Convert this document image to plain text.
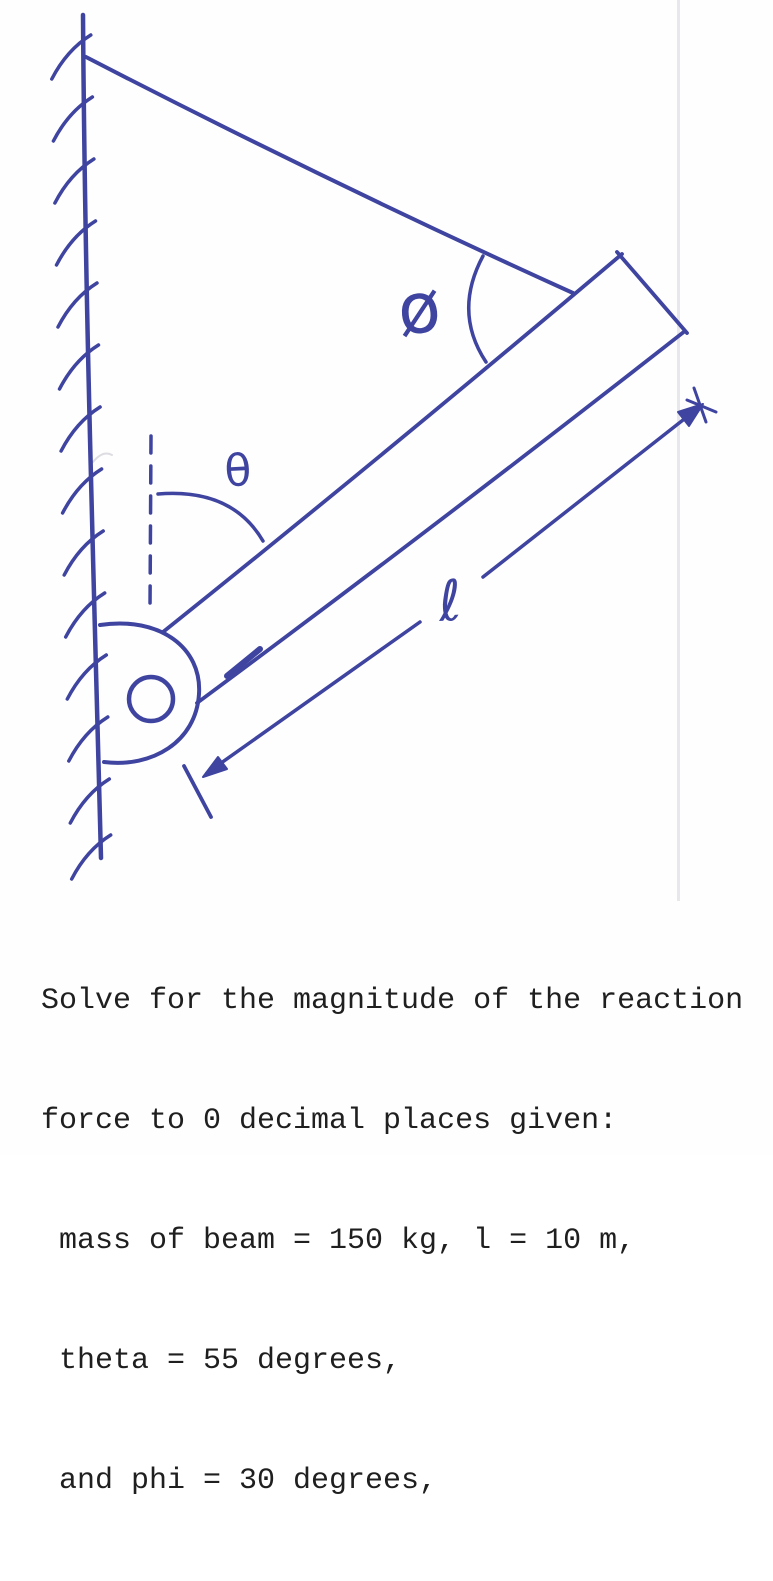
θ
ø
ℓ

Solve for the magnitude of the reaction

force to 0 decimal places given:

mass of beam = 150 kg, l = 10 m,

theta = 55 degrees,

and phi = 30 degrees,
